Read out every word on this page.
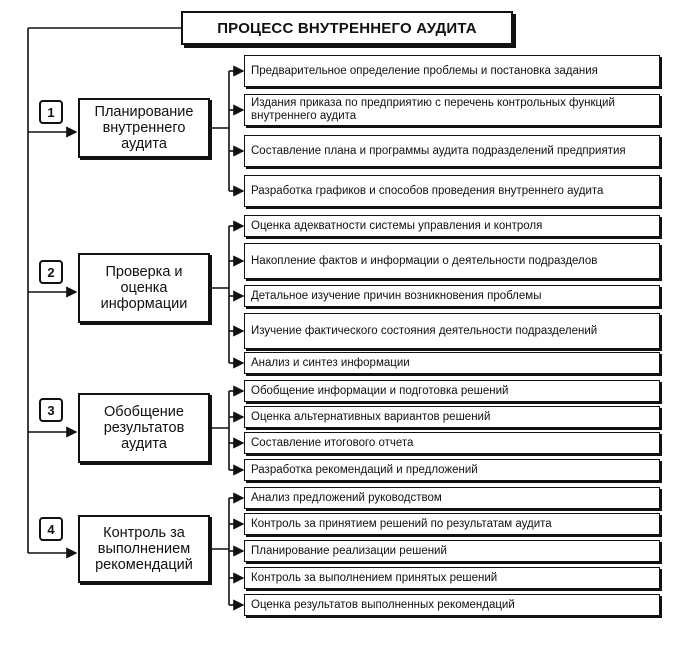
ПРОЦЕСС ВНУТРЕННЕГО АУДИТА
1	Планирование внутреннего аудита
Предварительное определение проблемы и постановка задания
Издания приказа по предприятию с перечень контрольных функций внутреннего аудита
Составление плана и программы аудита подразделений предприятия
Разработка графиков и способов проведения внутреннего аудита
2	Проверка и оценка информации
Оценка адекватности системы управления и контроля
Накопление фактов и информации о деятельности подразделов
Детальное изучение причин возникновения проблемы
Изучение фактического состояния деятельности подразделений
Анализ и синтез информации
3	Обобщение результатов аудита
Обобщение информации и подготовка решений
Оценка альтернативных вариантов решений
Составление итогового отчета
Разработка рекомендаций и предложений
4	Контроль за выполнением рекомендаций
Анализ предложений руководством
Контроль за принятием решений по результатам аудита
Планирование реализации решений
Контроль за выполнением принятых решений
Оценка результатов выполненных рекомендаций
